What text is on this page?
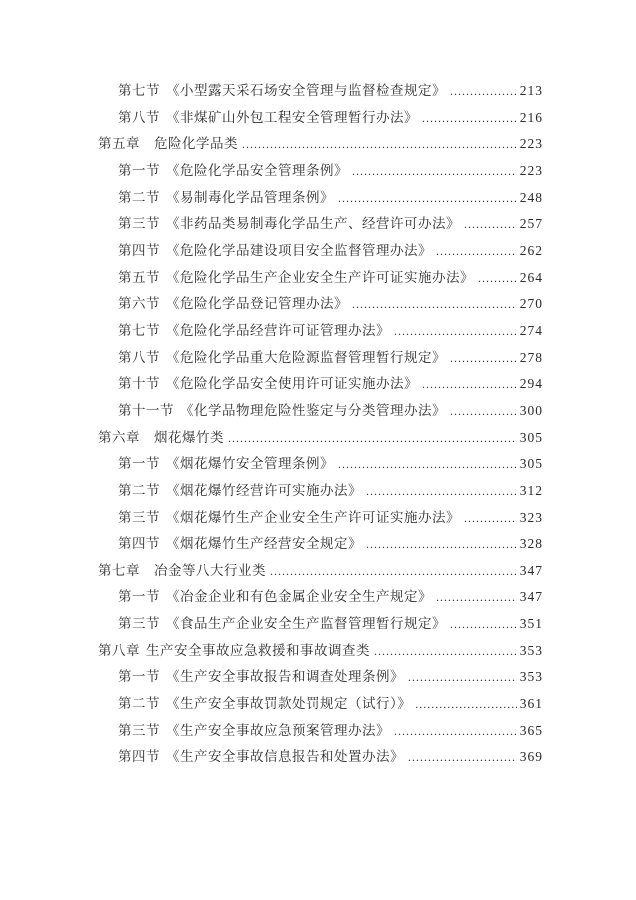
第七节 《小型露天采石场安全管理与监督检查规定》 .....	213
第八节 《非煤矿山外包工程安全管理暂行办法》 .....	216
第五章 危险化学品类 .....	223
第一节 《危险化学品安全管理条例》 .....	223
第二节 《易制毒化学品管理条例》 .....	248
第三节 《非药品类易制毒化学品生产、经营许可办法》 .....	257
第四节 《危险化学品建设项目安全监督管理办法》 .....	262
第五节 《危险化学品生产企业安全生产许可证实施办法》 .....	264
第六节 《危险化学品登记管理办法》 .....	270
第七节 《危险化学品经营许可证管理办法》 .....	274
第八节 《危险化学品重大危险源监督管理暂行规定》 .....	278
第十节 《危险化学品安全使用许可证实施办法》 .....	294
第十一节 《化学品物理危险性鉴定与分类管理办法》 .....	300
第六章 烟花爆竹类 .....	305
第一节 《烟花爆竹安全管理条例》 .....	305
第二节 《烟花爆竹经营许可实施办法》 .....	312
第三节 《烟花爆竹生产企业安全生产许可证实施办法》 .....	323
第四节 《烟花爆竹生产经营安全规定》 .....	328
第七章 冶金等八大行业类 .....	347
第一节 《冶金企业和有色金属企业安全生产规定》 .....	347
第三节 《食品生产企业安全生产监督管理暂行规定》 .....	351
第八章 生产安全事故应急救援和事故调查类 .....	353
第一节 《生产安全事故报告和调查处理条例》 .....	353
第二节 《生产安全事故罚款处罚规定（试行）》 .....	361
第三节 《生产安全事故应急预案管理办法》 .....	365
第四节 《生产安全事故信息报告和处置办法》 .....	369
